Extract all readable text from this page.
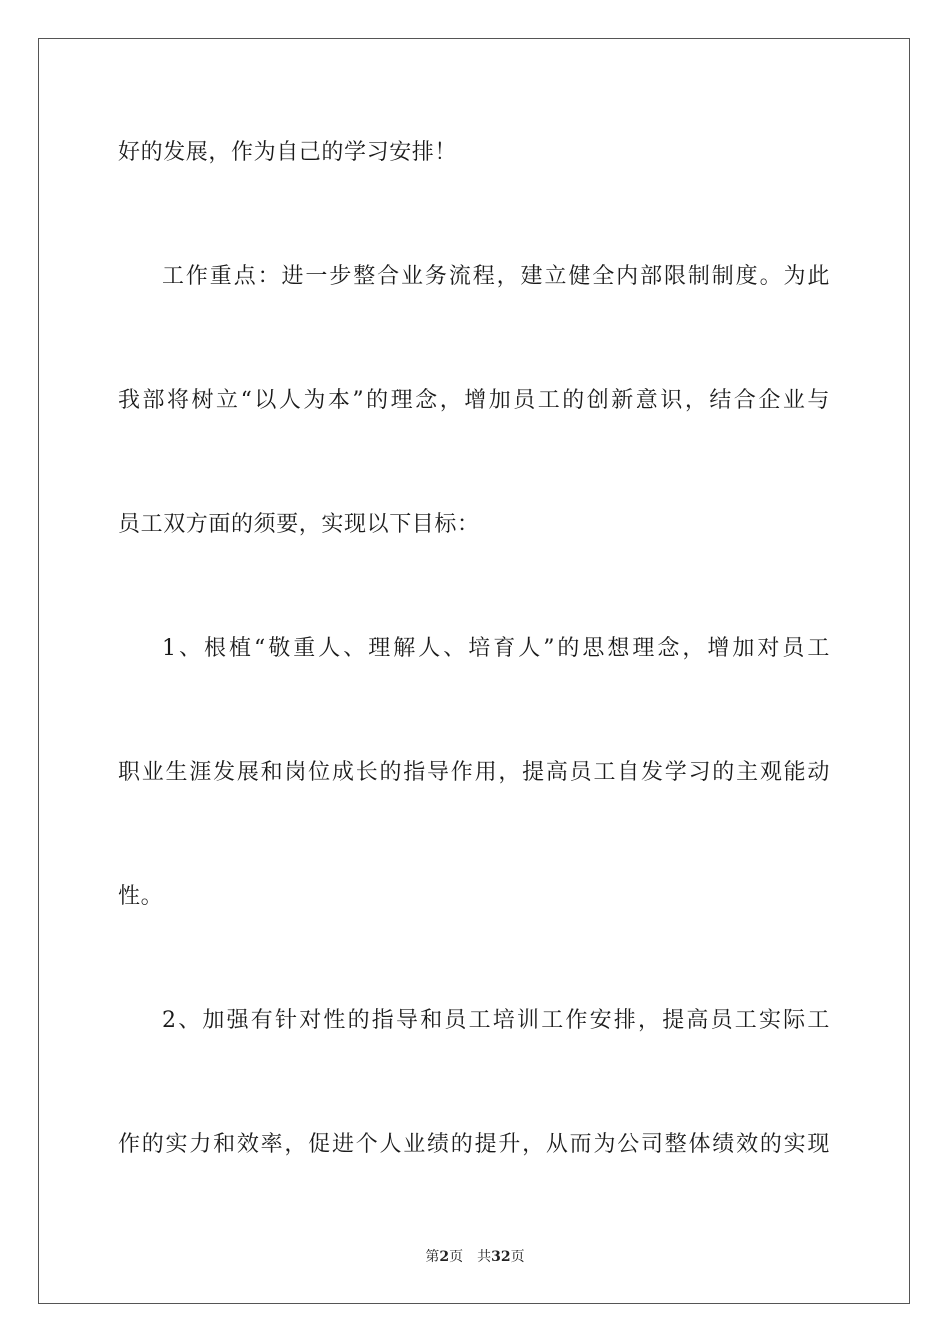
好的发展，作为自己的学习安排！
工作重点：进一步整合业务流程，建立健全内部限制制度。为此
我部将树立“以人为本”的理念，增加员工的创新意识，结合企业与
员工双方面的须要，实现以下目标：
1、根植“敬重人、理解人、培育人”的思想理念，增加对员工
职业生涯发展和岗位成长的指导作用，提高员工自发学习的主观能动
性。
2、加强有针对性的指导和员工培训工作安排，提高员工实际工
作的实力和效率，促进个人业绩的提升，从而为公司整体绩效的实现
第2页 共32页
